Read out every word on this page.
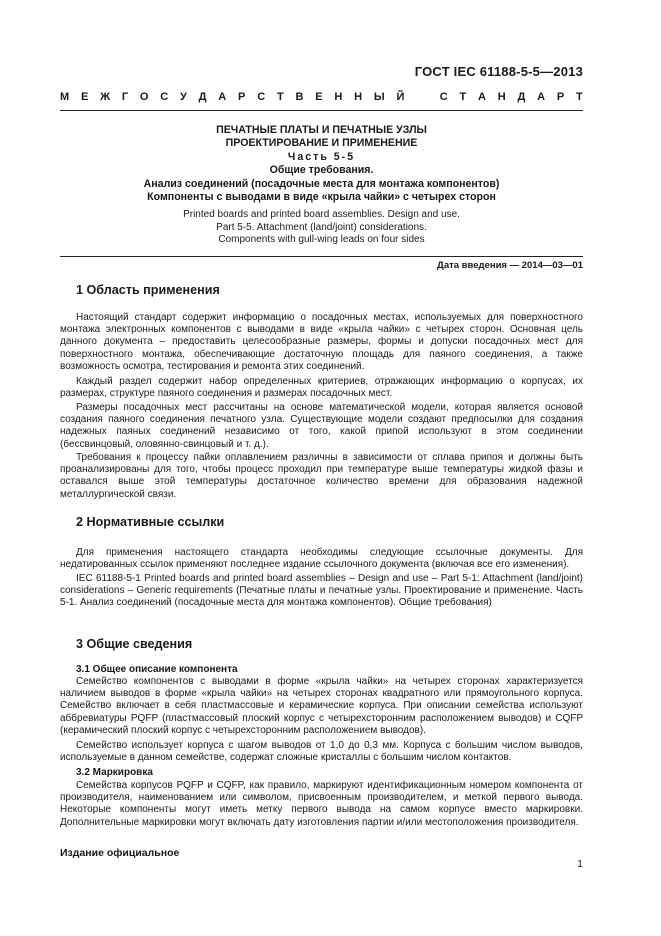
ГОСТ IEC 61188-5-5—2013
М Е Ж Г О С У Д А Р С Т В Е Н Н Ы Й	С Т А Н Д А Р Т
ПЕЧАТНЫЕ ПЛАТЫ И ПЕЧАТНЫЕ УЗЛЫ
ПРОЕКТИРОВАНИЕ И ПРИМЕНЕНИЕ
Часть 5-5
Общие требования.
Анализ соединений (посадочные места для монтажа компонентов)
Компоненты с выводами в виде «крыла чайки» с четырех сторон
Printed boards and printed board assemblies. Design and use.
Part 5-5. Attachment (land/joint) considerations.
Components with gull-wing leads on four sides
Дата введения — 2014—03—01
1 Область применения

Настоящий стандарт содержит информацию о посадочных местах, используемых для поверхностного монтажа электронных компонентов с выводами в виде «крыла чайки» с четырех сторон. Основная цель данного документа – предоставить целесообразные размеры, формы и допуски посадочных мест для поверхностного монтажа, обеспечивающие достаточную площадь для паяного соединения, а также возможность осмотра, тестирования и ремонта этих соединений.

Каждый раздел содержит набор определенных критериев, отражающих информацию о корпусах, их размерах, структуре паяного соединения и размерах посадочных мест.

Размеры посадочных мест рассчитаны на основе математической модели, которая является основой создания паяного соединения печатного узла. Существующие модели создают предпосылки для создания надежных паяных соединений независимо от того, какой припой используют в этом соединении (бессвинцовый, оловянно-свинцовый и т. д.).

Требования к процессу пайки оплавлением различны в зависимости от сплава припоя и должны быть проанализированы для того, чтобы процесс проходил при температуре выше температуры жидкой фазы и оставался выше этой температуры достаточное количество времени для образования надежной металлургической связи.

2 Нормативные ссылки

Для применения настоящего стандарта необходимы следующие ссылочные документы. Для недатированных ссылок применяют последнее издание ссылочного документа (включая все его изменения).

IEC 61188-5-1 Printed boards and printed board assemblies – Design and use – Part 5-1: Attachment (land/joint) considerations – Generic requirements (Печатные платы и печатные узлы. Проектирование и применение. Часть 5-1. Анализ соединений (посадочные места для монтажа компонентов). Общие требования)

3 Общие сведения
3.1 Общее описание компонента

Семейство компонентов с выводами в форме «крыла чайки» на четырех сторонах характеризуется наличием выводов в форме «крыла чайки» на четырех сторонах квадратного или прямоугольного корпуса. Семейство включает в себя пластмассовые и керамические корпуса. При описании семейства используют аббревиатуры PQFP (пластмассовый плоский корпус с четырехсторонним расположением выводов) и CQFP (керамический плоский корпус с четырехсторонним расположением выводов).

Семейство использует корпуса с шагом выводов от 1,0 до 0,3 мм. Корпуса с большим числом выводов, используемые в данном семействе, содержат сложные кристаллы с большим числом контактов.

3.2 Маркировка

Семейства корпусов PQFP и CQFP, как правило, маркируют идентификационным номером компонента от производителя, наименованием или символом, присвоенным производителем, и меткой первого вывода. Некоторые компоненты могут иметь метку первого вывода на самом корпусе вместо маркировки. Дополнительные маркировки могут включать дату изготовления партии и/или местоположения производителя.

Издание официальное
1
